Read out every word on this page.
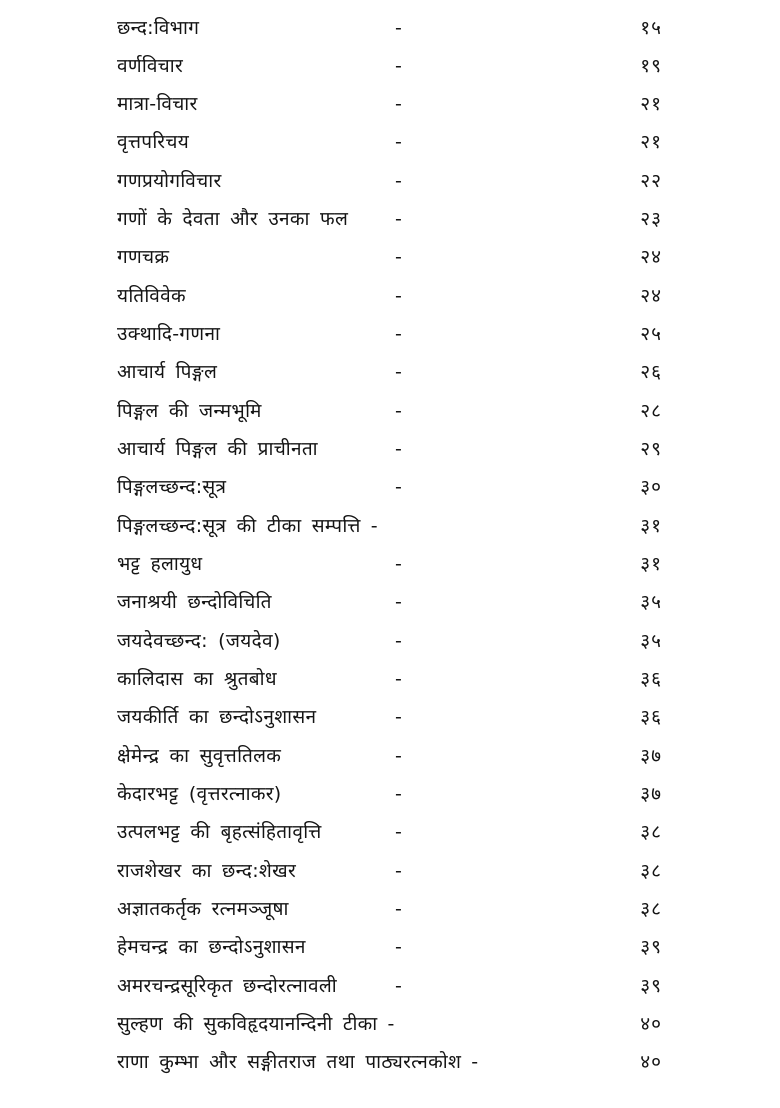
छन्द:विभाग	-	१५
वर्णविचार	-	१९
मात्रा-विचार	-	२१
वृत्तपरिचय	-	२१
गणप्रयोगविचार	-	२२
गणों के देवता और उनका फल -	२३
गणचक्र	-	२४
यतिविवेक	-	२४
उक्थादि-गणना	-	२५
आचार्य पिङ्गल	-	२६
पिङ्गल की जन्मभूमि	-	२८
आचार्य पिङ्गल की प्राचीनता	-	२९
पिङ्गलच्छन्द:सूत्र	-	३०
पिङ्गलच्छन्द:सूत्र की टीका सम्पत्ति -	३१
भट्ट हलायुध	-	३१
जनाश्रयी छन्दोविचिति	-	३५
जयदेवच्छन्द: (जयदेव)	-	३५
कालिदास का श्रुतबोध	-	३६
जयकीर्ति का छन्दोऽनुशासन	-	३६
क्षेमेन्द्र का सुवृत्ततिलक	-	३७
केदारभट्ट (वृत्तरत्नाकर)	-	३७
उत्पलभट्ट की बृहत्संहितावृत्ति	-	३८
राजशेखर का छन्द:शेखर	-	३८
अज्ञातकर्तृक रत्नमञ्जूषा	-	३८
हेमचन्द्र का छन्दोऽनुशासन	-	३९
अमरचन्द्रसूरिकृत छन्दोरत्नावली	-	३९
सुल्हण की सुकविहृदयानन्दिनी टीका -	४०
राणा कुम्भा और सङ्गीतराज तथा पाठ्यरत्नकोश -	४०
